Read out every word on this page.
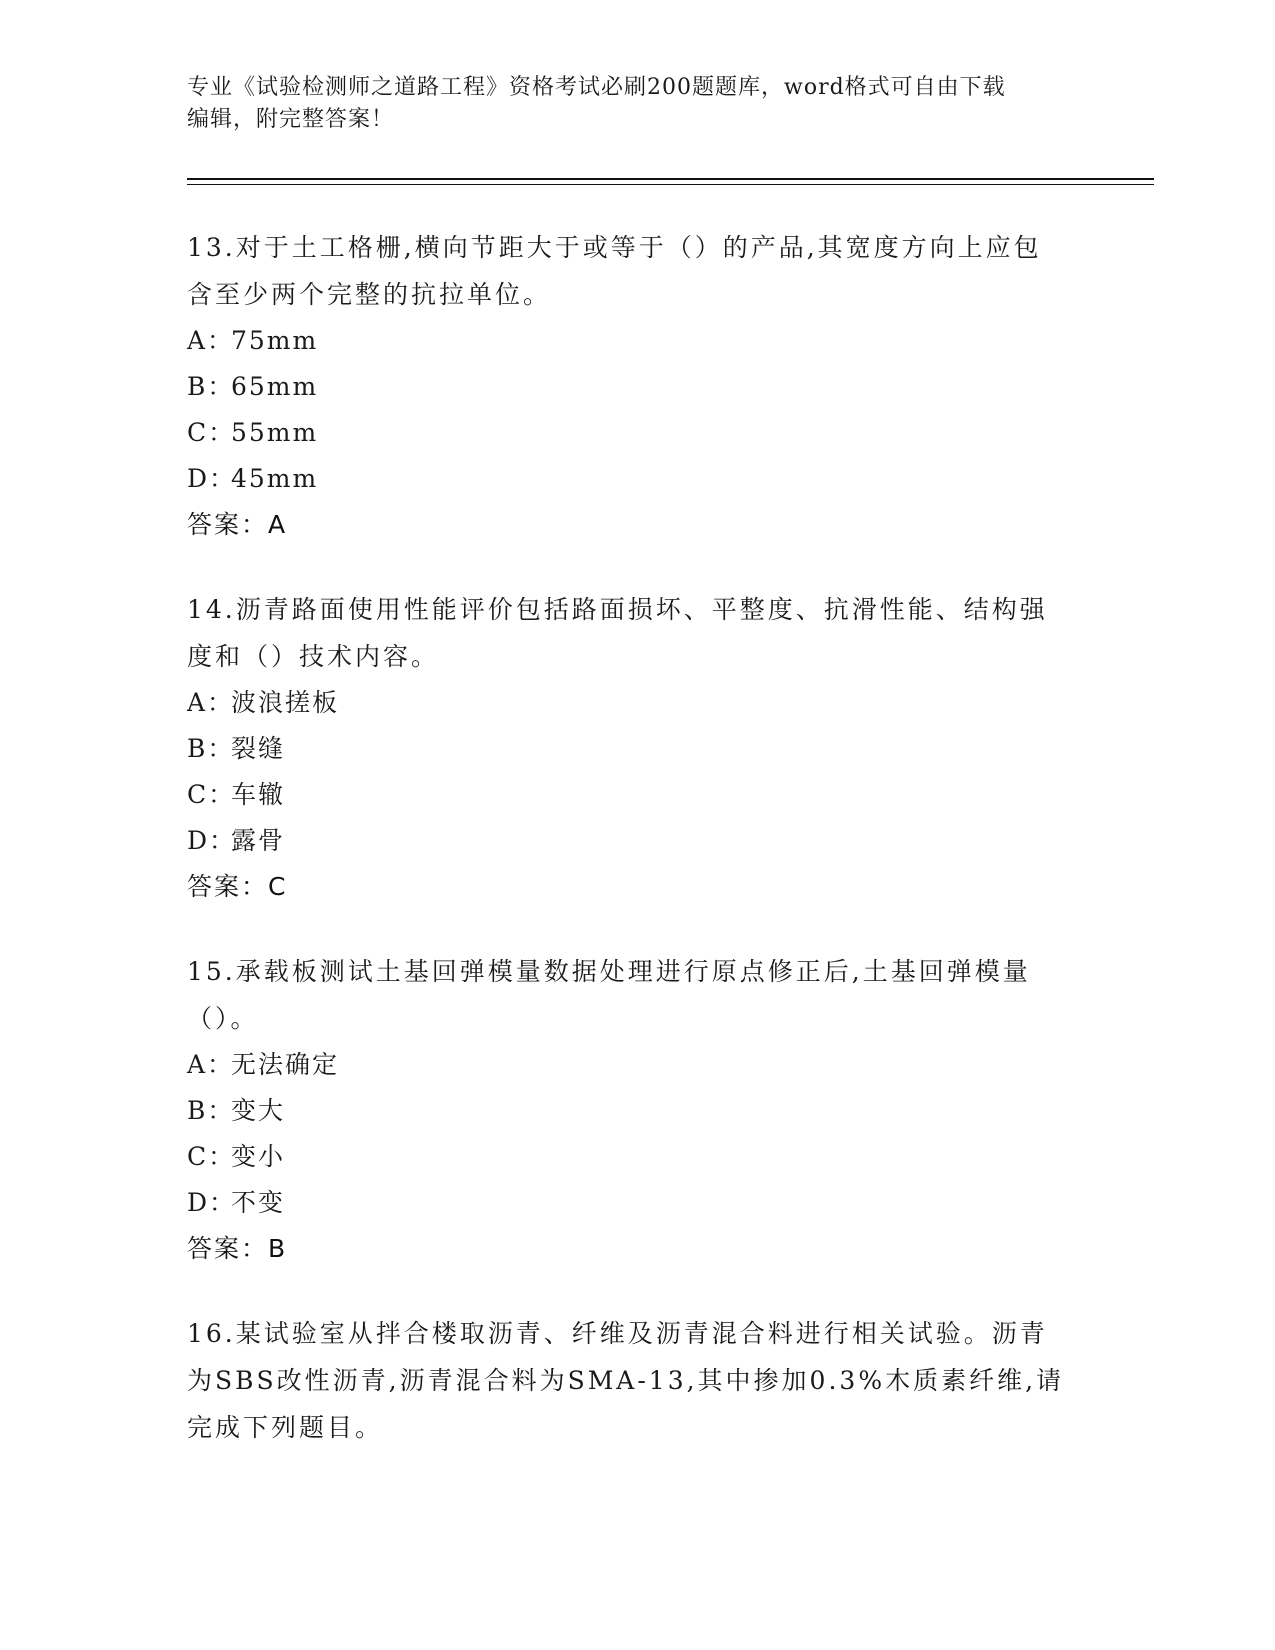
专业《试验检测师之道路工程》资格考试必刷200题题库，word格式可自由下载
编辑，附完整答案！

13.对于土工格栅,横向节距大于或等于（）的产品,其宽度方向上应包

含至少两个完整的抗拉单位。

A：75mm

B：65mm

C：55mm

D：45mm

答案：A

14.沥青路面使用性能评价包括路面损坏、平整度、抗滑性能、结构强

度和（）技术内容。

A：波浪搓板

B：裂缝

C：车辙

D：露骨

答案：C

15.承载板测试土基回弹模量数据处理进行原点修正后,土基回弹模量

（）。

A：无法确定

B：变大

C：变小

D：不变

答案：B

16.某试验室从拌合楼取沥青、纤维及沥青混合料进行相关试验。沥青

为SBS改性沥青,沥青混合料为SMA-13,其中掺加0.3%木质素纤维,请

完成下列题目。
